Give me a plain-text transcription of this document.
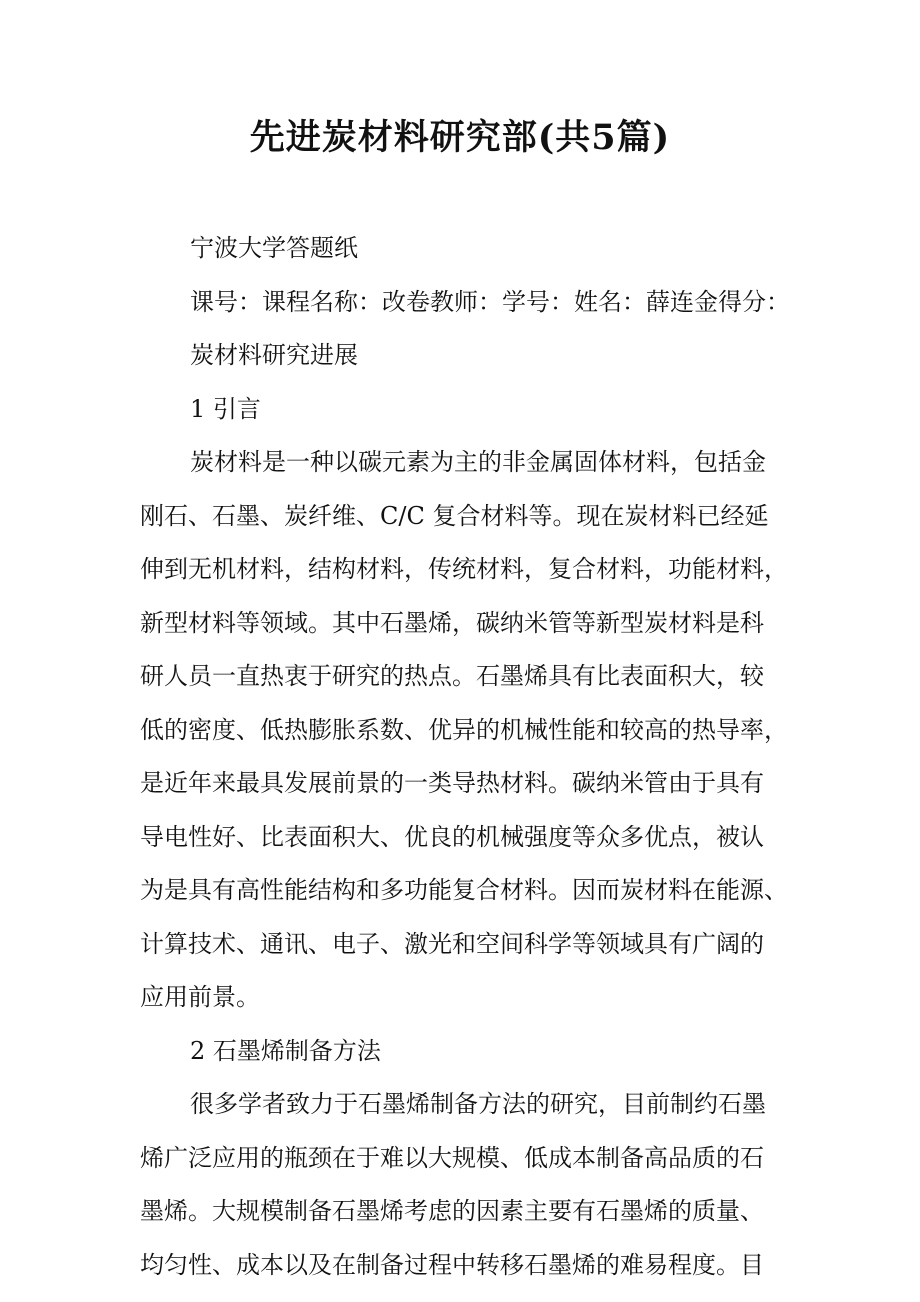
先进炭材料研究部(共5篇)

宁波大学答题纸

课号：课程名称：改卷教师：学号：姓名：薛连金得分：

炭材料研究进展

1 引言

炭材料是一种以碳元素为主的非金属固体材料，包括金

刚石、石墨、炭纤维、C/C 复合材料等。现在炭材料已经延

伸到无机材料，结构材料，传统材料，复合材料，功能材料，

新型材料等领域。其中石墨烯，碳纳米管等新型炭材料是科

研人员一直热衷于研究的热点。石墨烯具有比表面积大，较

低的密度、低热膨胀系数、优异的机械性能和较高的热导率，

是近年来最具发展前景的一类导热材料。碳纳米管由于具有

导电性好、比表面积大、优良的机械强度等众多优点，被认

为是具有高性能结构和多功能复合材料。因而炭材料在能源、

计算技术、通讯、电子、激光和空间科学等领域具有广阔的

应用前景。

2 石墨烯制备方法

很多学者致力于石墨烯制备方法的研究，目前制约石墨

烯广泛应用的瓶颈在于难以大规模、低成本制备高品质的石

墨烯。大规模制备石墨烯考虑的因素主要有石墨烯的质量、

均匀性、成本以及在制备过程中转移石墨烯的难易程度。目
